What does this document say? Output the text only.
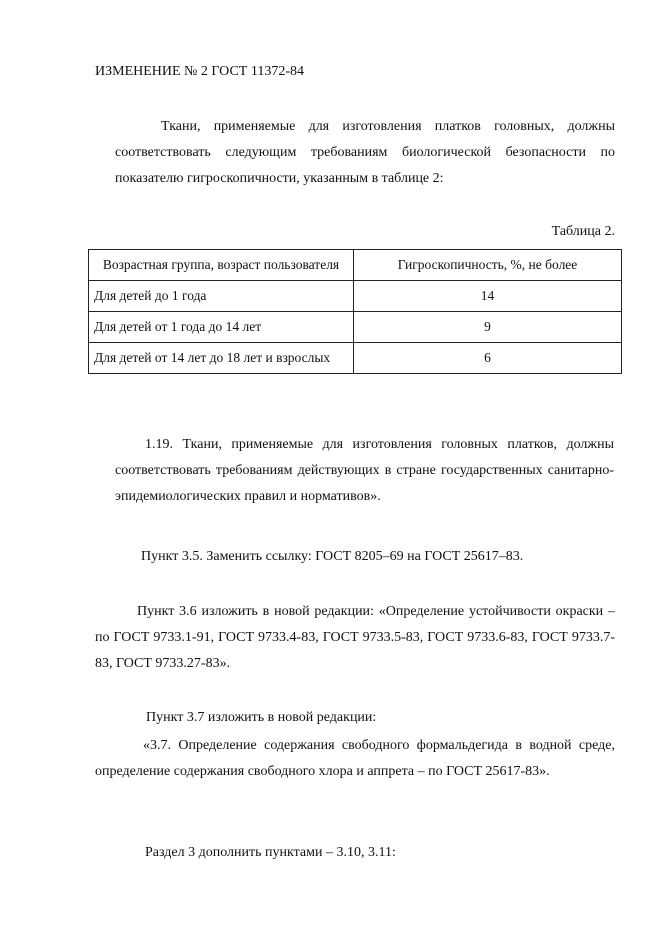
ИЗМЕНЕНИЕ № 2 ГОСТ 11372-84
Ткани, применяемые для изготовления платков головных, должны соответствовать следующим требованиям биологической безопасности по показателю гигроскопичности, указанным в таблице 2:
Таблица 2.
Возрастная группа, возраст пользователя	Гигроскопичность, %, не более
Для детей до 1 года	14
Для детей от 1 года до 14 лет	9
Для детей от 14 лет до 18 лет и взрослых	6
1.19. Ткани, применяемые для изготовления головных платков, должны соответствовать требованиям действующих в стране государственных санитарно-эпидемиологических правил и нормативов».
Пункт 3.5. Заменить ссылку: ГОСТ 8205–69 на ГОСТ 25617–83.
Пункт 3.6 изложить в новой редакции: «Определение устойчивости окраски – по ГОСТ 9733.1-91, ГОСТ 9733.4-83, ГОСТ 9733.5-83, ГОСТ 9733.6-83, ГОСТ 9733.7-83, ГОСТ 9733.27-83».
Пункт 3.7 изложить в новой редакции:
«3.7. Определение содержания свободного формальдегида в водной среде, определение содержания свободного хлора и аппрета – по ГОСТ 25617-83».
Раздел 3 дополнить пунктами – 3.10, 3.11:
